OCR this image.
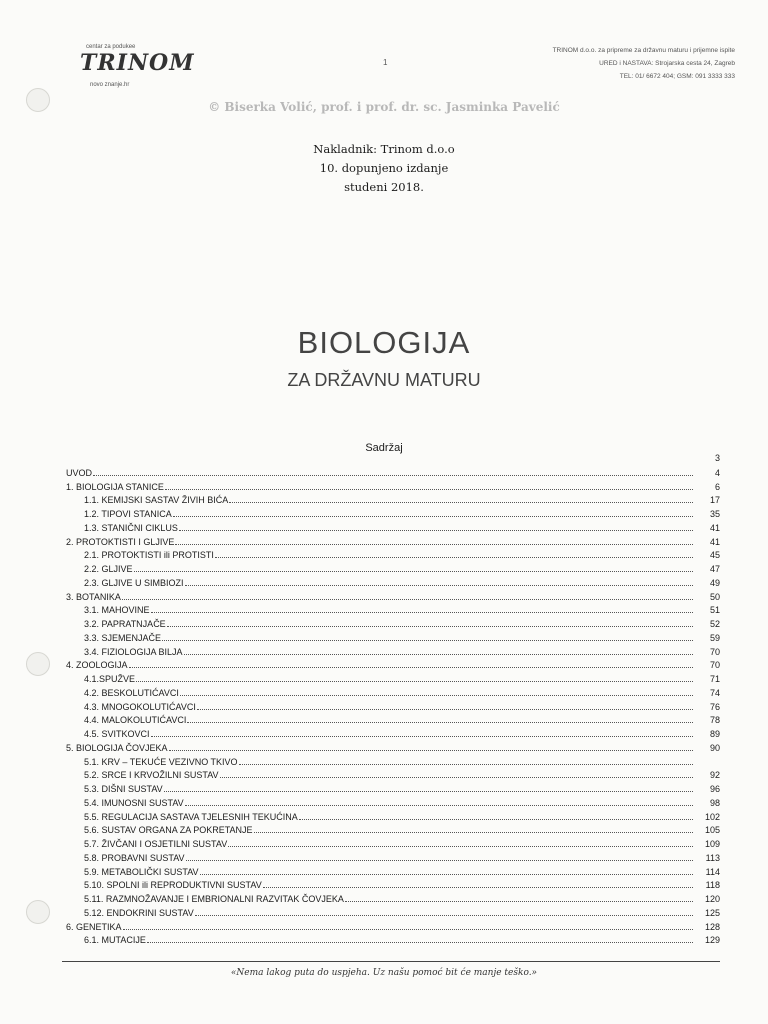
centar za podukee
TRINOM
novo znanje.hr
1
TRINOM d.o.o. za pripreme za državnu maturu i prijemne ispite
URED i NASTAVA: Strojarska cesta 24, Zagreb
TEL: 01/ 6672 404; GSM: 091 3333 333
© Biserka Volić, prof. i prof. dr. sc. Jasminka Pavelić
Nakladnik: Trinom d.o.o
10. dopunjeno izdanje
studeni 2018.
BIOLOGIJA
ZA DRŽAVNU MATURU
Sadržaj
3
UVOD	4
1. BIOLOGIJA STANICE	6
1.1. KEMIJSKI SASTAV ŽIVIH BIĆA	17
1.2. TIPOVI STANICA	35
1.3. STANIČNI CIKLUS	41
2. PROTOKTISTI I GLJIVE	41
2.1. PROTOKTISTI ili PROTISTI	45
2.2. GLJIVE	47
2.3. GLJIVE U SIMBIOZI	49
3. BOTANIKA	50
3.1. MAHOVINE	51
3.2. PAPRATNJAČE	52
3.3. SJEMENJAČE	59
3.4. FIZIOLOGIJA BILJA	70
4. ZOOLOGIJA	70
4.1.SPUŽVE	71
4.2. BESKOLUTIĆAVCI	74
4.3. MNOGOKOLUTIĆAVCI	76
4.4. MALOKOLUTIĆAVCI	78
4.5. SVITKOVCI	89
5. BIOLOGIJA ČOVJEKA	90
5.1. KRV – TEKUĆE VEZIVNO TKIVO
5.2. SRCE I KRVOŽILNI SUSTAV	92
5.3. DIŠNI SUSTAV	96
5.4. IMUNOSNI SUSTAV	98
5.5. REGULACIJA SASTAVA TJELESNIH TEKUĆINA	102
5.6. SUSTAV ORGANA ZA POKRETANJE	105
5.7. ŽIVČANI I OSJETILNI SUSTAV	109
5.8. PROBAVNI SUSTAV	113
5.9. METABOLIČKI SUSTAV	114
5.10. SPOLNI ili REPRODUKTIVNI SUSTAV	118
5.11. RAZMNOŽAVANJE I EMBRIONALNI RAZVITAK ČOVJEKA	120
5.12. ENDOKRINI SUSTAV	125
6. GENETIKA	128
6.1. MUTACIJE	129
«Nema lakog puta do uspjeha. Uz našu pomoć bit će manje teško.»
